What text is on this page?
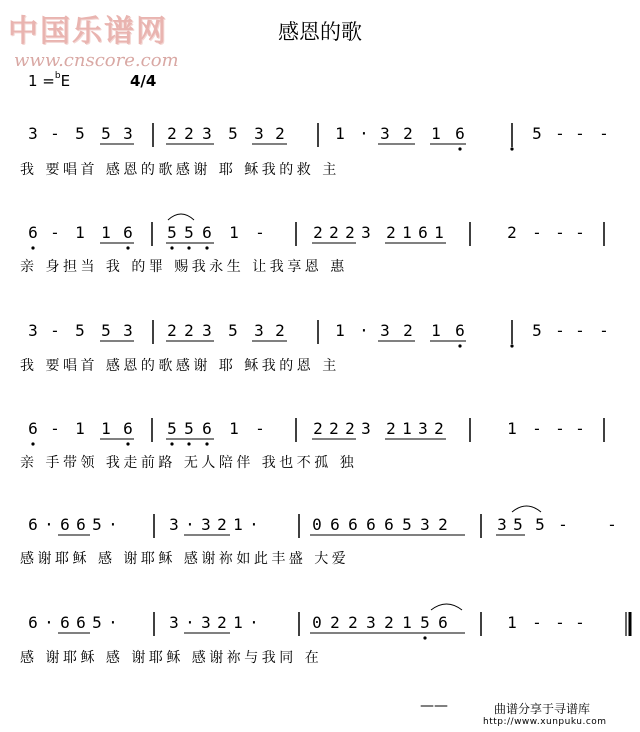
中国乐谱网
www.cnscore.com
感恩的歌
1 =$^b$E	4/4
3 - 5 5 3 2 2 3 5 3 2	1 · 3 2 1 6	5 - - -
我 要唱首 感恩的歌感谢 耶 稣我的救 主
6 - 1 1 6 5 5 6 1 -	2 2 2 3 2 1 6 1	2 - - -
亲 身担当 我 的罪 赐我永生 让我享恩 惠
3 - 5 5 3 2 2 3 5 3 2	1 · 3 2 1 6	5 - - -
我 要唱首 感恩的歌感谢 耶 稣我的恩 主
6 - 1 1 6 5 5 6 1 -	2 2 2 3 2 1 3 2	1 - - -
亲 手带领 我走前路 无人陪伴 我也不孤 独
6 · 6 6 5 ·	3 · 3 2 1 ·	0 6 6 6 6 5 3 2	3 5 5 - -
感谢耶稣 感 谢耶稣 感谢祢如此丰盛 大爱
6 · 6 6 5 ·	3 · 3 2 1 ·	0 2 2 3 2 1 5 6	1 - - -
感 谢耶稣 感 谢耶稣 感谢祢与我同 在
——	曲谱分享于寻谱库
http://www.xunpuku.com
